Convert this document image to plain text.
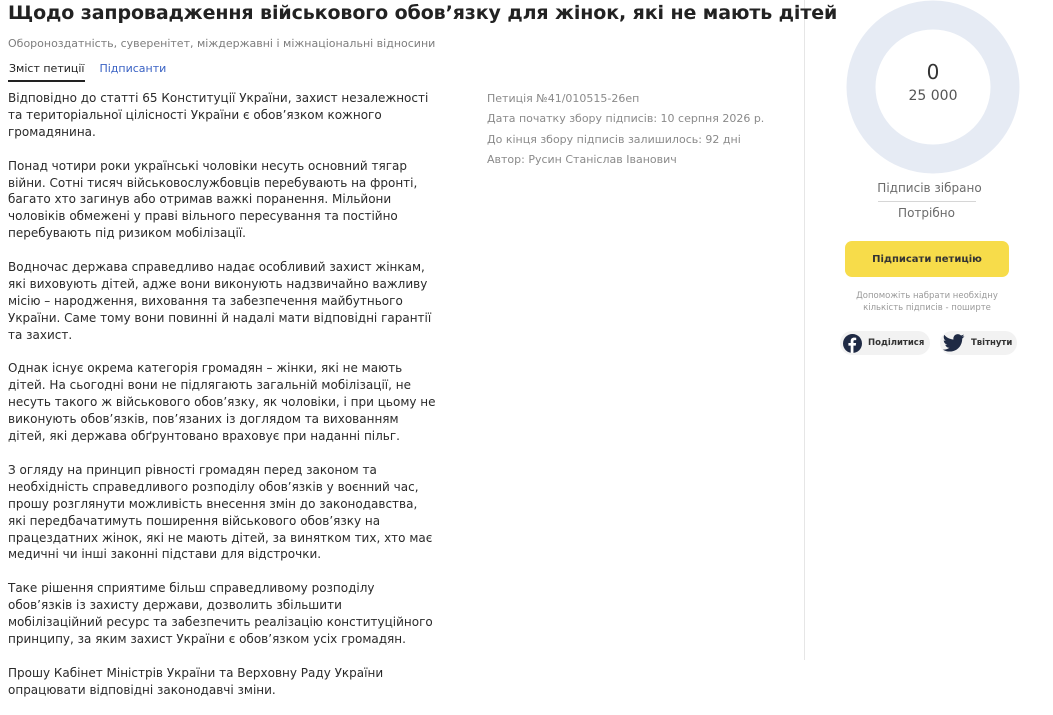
Щодо запровадження військового обов’язку для жінок, які не мають дітей
Обороноздатність, суверенітет, міждержавні і міжнаціональні відносини
Зміст петиції Підписанти

Відповідно до статті 65 Конституції України, захист незалежності та територіальної цілісності України є обов’язком кожного громадянина.

Понад чотири роки українські чоловіки несуть основний тягар війни. Сотні тисяч військовослужбовців перебувають на фронті, багато хто загинув або отримав важкі поранення. Мільйони чоловіків обмежені у праві вільного пересування та постійно перебувають під ризиком мобілізації.

Водночас держава справедливо надає особливий захист жінкам, які виховують дітей, адже вони виконують надзвичайно важливу місію – народження, виховання та забезпечення майбутнього України. Саме тому вони повинні й надалі мати відповідні гарантії та захист.

Однак існує окрема категорія громадян – жінки, які не мають дітей. На сьогодні вони не підлягають загальній мобілізації, не несуть такого ж військового обов’язку, як чоловіки, і при цьому не виконують обов’язків, пов’язаних із доглядом та вихованням дітей, які держава обґрунтовано враховує при наданні пільг.

З огляду на принцип рівності громадян перед законом та необхідність справедливого розподілу обов’язків у воєнний час, прошу розглянути можливість внесення змін до законодавства, які передбачатимуть поширення військового обов’язку на працездатних жінок, які не мають дітей, за винятком тих, хто має медичні чи інші законні підстави для відстрочки.

Таке рішення сприятиме більш справедливому розподілу обов’язків із захисту держави, дозволить збільшити мобілізаційний ресурс та забезпечить реалізацію конституційного принципу, за яким захист України є обов’язком усіх громадян.

Прошу Кабінет Міністрів України та Верховну Раду України опрацювати відповідні законодавчі зміни.

Петиція №41/010515-26еп
Дата початку збору підписів: 10 серпня 2026 р.
До кінця збору підписів залишилось: 92 дні
Автор: Русин Станіслав Іванович
0
25 000
Підписів зібрано
Потрібно
Підписати петицію
Допоможіть набрати необхідну кількість підписів - поширте
Поділитися	Твітнути
